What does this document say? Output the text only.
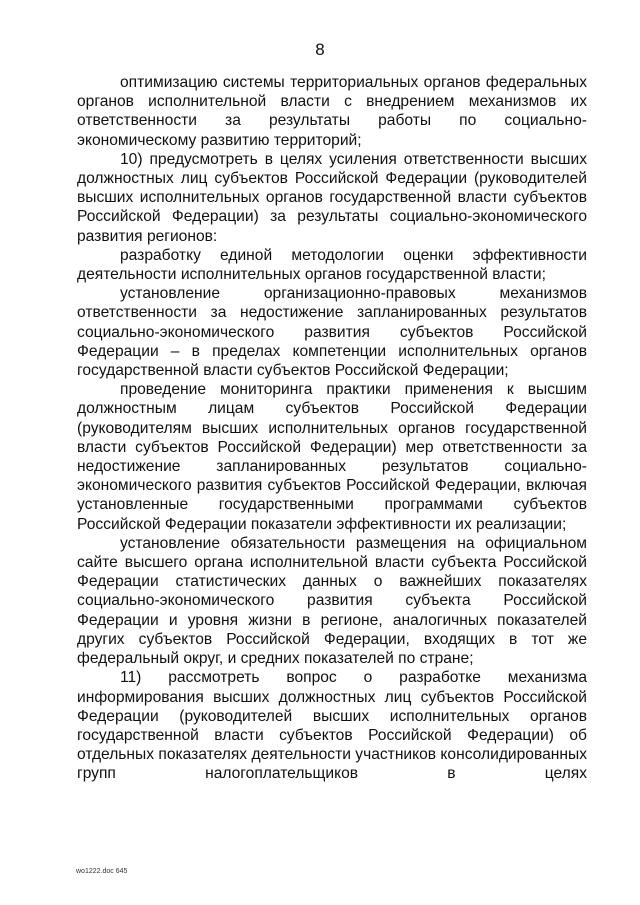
8

оптимизацию системы территориальных органов федеральных органов исполнительной власти с внедрением механизмов их ответственности за результаты работы по социально-экономическому развитию территорий;

10) предусмотреть в целях усиления ответственности высших должностных лиц субъектов Российской Федерации (руководителей высших исполнительных органов государственной власти субъектов Российской Федерации) за результаты социально-экономического развития регионов:

разработку единой методологии оценки эффективности деятельности исполнительных органов государственной власти;

установление организационно-правовых механизмов ответственности за недостижение запланированных результатов социально-экономического развития субъектов Российской Федерации – в пределах компетенции исполнительных органов государственной власти субъектов Российской Федерации;

проведение мониторинга практики применения к высшим должностным лицам субъектов Российской Федерации (руководителям высших исполнительных органов государственной власти субъектов Российской Федерации) мер ответственности за недостижение запланированных результатов социально-экономического развития субъектов Российской Федерации, включая установленные государственными программами субъектов Российской Федерации показатели эффективности их реализации;

установление обязательности размещения на официальном сайте высшего органа исполнительной власти субъекта Российской Федерации статистических данных о важнейших показателях социально-экономического развития субъекта Российской Федерации и уровня жизни в регионе, аналогичных показателей других субъектов Российской Федерации, входящих в тот же федеральный округ, и средних показателей по стране;

11) рассмотреть вопрос о разработке механизма информирования высших должностных лиц субъектов Российской Федерации (руководителей высших исполнительных органов государственной власти субъектов Российской Федерации) об отдельных показателях деятельности участников консолидированных групп налогоплательщиков в целях

wo1222.doc 645
